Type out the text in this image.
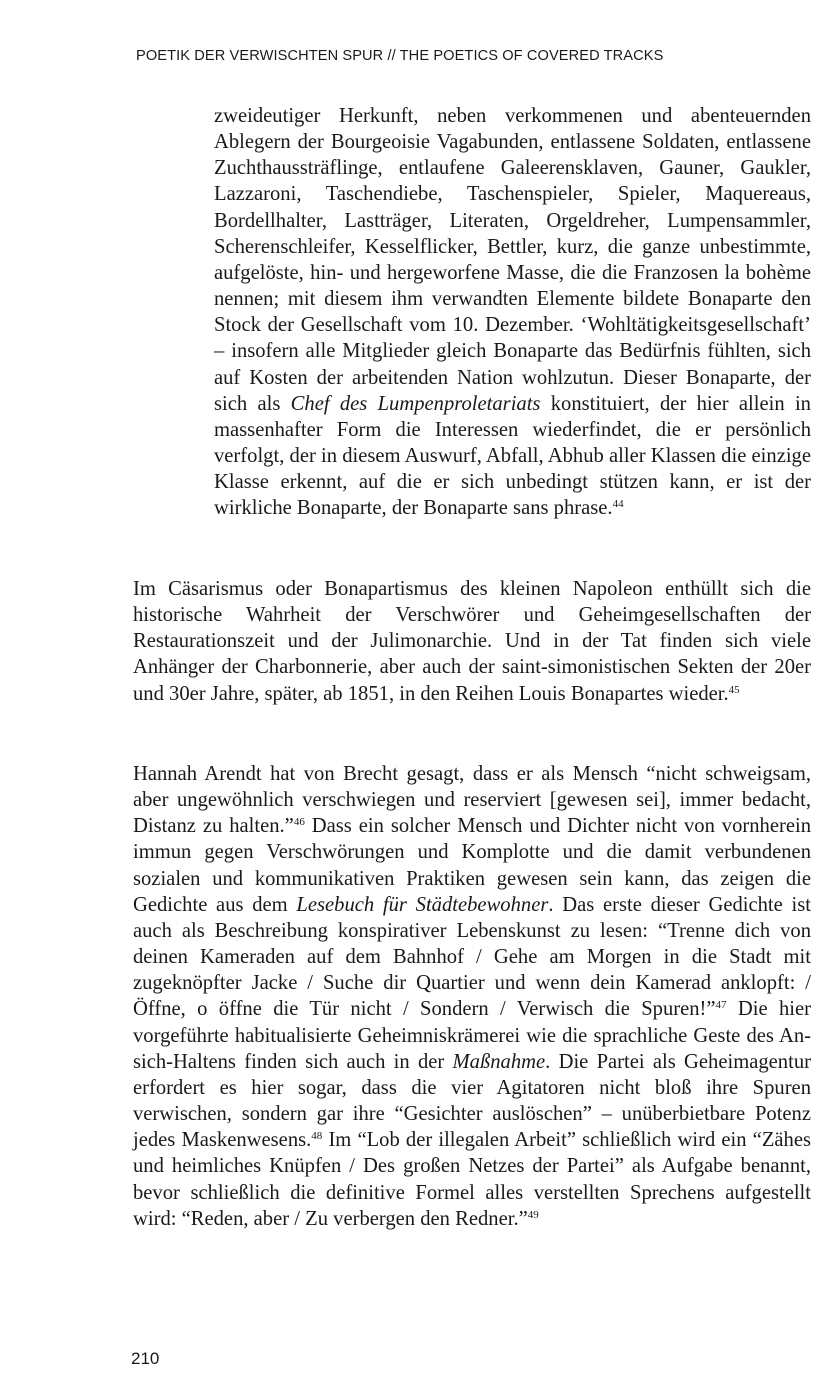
POETIK DER VERWISCHTEN SPUR // THE POETICS OF COVERED TRACKS

zweideutiger Herkunft, neben verkommenen und abenteuernden Ablegern der Bourgeoisie Vagabunden, entlassene Soldaten, entlassene Zuchthaussträflinge, entlaufene Galeerensklaven, Gauner, Gaukler, Lazzaroni, Taschendiebe, Taschenspieler, Spieler, Maquereaus, Bordellhalter, Lastträger, Literaten, Orgeldreher, Lumpensammler, Scherenschleifer, Kesselflicker, Bettler, kurz, die ganze unbestimmte, aufgelöste, hin- und hergeworfene Masse, die die Franzosen la bohème nennen; mit diesem ihm verwandten Elemente bildete Bonaparte den Stock der Gesellschaft vom 10. Dezember. ‘Wohltätigkeitsgesellschaft’ – insofern alle Mitglieder gleich Bonaparte das Bedürfnis fühlten, sich auf Kosten der arbeitenden Nation wohlzutun. Dieser Bonaparte, der sich als Chef des Lumpenproletariats konstituiert, der hier allein in massenhafter Form die Interessen wiederfindet, die er persönlich verfolgt, der in diesem Auswurf, Abfall, Abhub aller Klassen die einzige Klasse erkennt, auf die er sich unbedingt stützen kann, er ist der wirkliche Bonaparte, der Bonaparte sans phrase.$^{44}$

Im Cäsarismus oder Bonapartismus des kleinen Napoleon enthüllt sich die historische Wahrheit der Verschwörer und Geheimgesellschaften der Restaurationszeit und der Julimonarchie. Und in der Tat finden sich viele Anhänger der Charbonnerie, aber auch der saint-simonistischen Sekten der 20er und 30er Jahre, später, ab 1851, in den Reihen Louis Bonapartes wieder.$^{45}$

Hannah Arendt hat von Brecht gesagt, dass er als Mensch “nicht schweigsam, aber ungewöhnlich verschwiegen und reserviert [gewesen sei], immer bedacht, Distanz zu halten.”$^{46}$ Dass ein solcher Mensch und Dichter nicht von vornherein immun gegen Verschwörungen und Komplotte und die damit verbundenen sozialen und kommunikativen Praktiken gewesen sein kann, das zeigen die Gedichte aus dem Lesebuch für Städtebewohner. Das erste dieser Gedichte ist auch als Beschreibung konspirativer Lebenskunst zu lesen: “Trenne dich von deinen Kameraden auf dem Bahnhof / Gehe am Morgen in die Stadt mit zugeknöpfter Jacke / Suche dir Quartier und wenn dein Kamerad anklopft: / Öffne, o öffne die Tür nicht / Sondern / Verwisch die Spuren!”$^{47}$ Die hier vorgeführte habitualisierte Geheimniskrämerei wie die sprachliche Geste des An-sich-Haltens finden sich auch in der Maßnahme. Die Partei als Geheimagentur erfordert es hier sogar, dass die vier Agitatoren nicht bloß ihre Spuren verwischen, sondern gar ihre “Gesichter auslöschen” – unüberbietbare Potenz jedes Maskenwesens.$^{48}$ Im “Lob der illegalen Arbeit” schließlich wird ein “Zähes und heimliches Knüpfen / Des großen Netzes der Partei” als Aufgabe benannt, bevor schließlich die definitive Formel alles verstellten Sprechens aufgestellt wird: “Reden, aber / Zu verbergen den Redner.”$^{49}$

210
